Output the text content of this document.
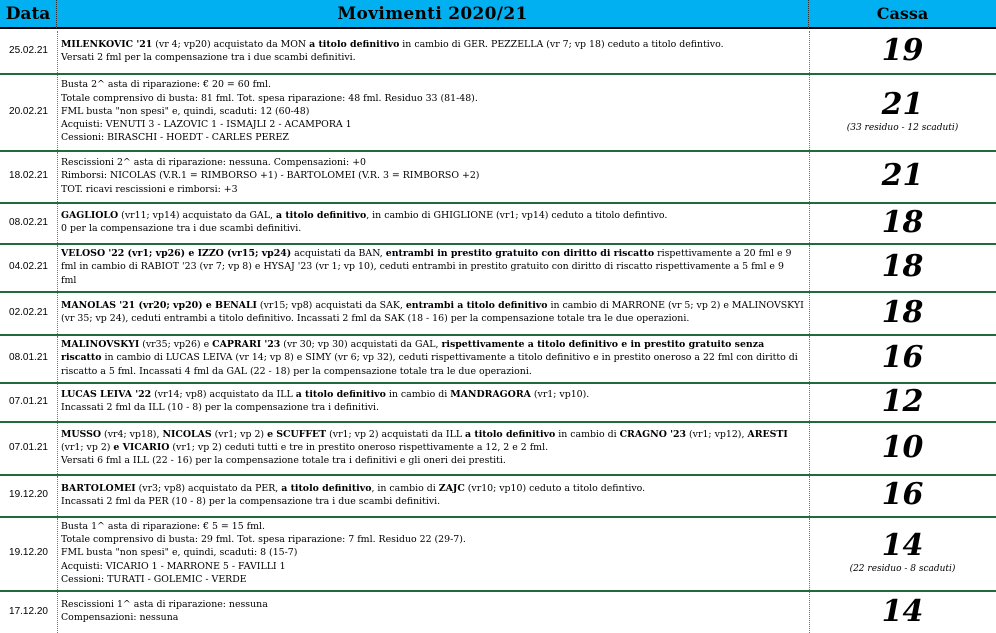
Data	Movimenti 2020/21	Cassa
25.02.21
MILENKOVIC '21 (vr 4; vp20) acquistato da MON a titolo definitivo in cambio di GER. PEZZELLA (vr 7; vp 18) ceduto a titolo defintivo.
Versati 2 fml per la compensazione tra i due scambi definitivi.	19
20.02.21
Busta 2^ asta di riparazione: € 20 = 60 fml.
Totale comprensivo di busta: 81 fml. Tot. spesa riparazione: 48 fml. Residuo 33 (81-48).
FML busta "non spesi" e, quindi, scaduti: 12 (60-48)
Acquisti: VENUTI 3 - LAZOVIC 1 - ISMAJLI 2 - ACAMPORA 1
Cessioni: BIRASCHI - HOEDT - CARLES PEREZ
21
(33 residuo - 12 scaduti)
18.02.21
Rescissioni 2^ asta di riparazione: nessuna. Compensazioni: +0
Rimborsi: NICOLAS (V.R.1 = RIMBORSO +1) - BARTOLOMEI (V.R. 3 = RIMBORSO +2)
TOT. ricavi rescissioni e rimborsi: +3	21
08.02.21
GAGLIOLO (vr11; vp14) acquistato da GAL, a titolo definitivo, in cambio di GHIGLIONE (vr1; vp14) ceduto a titolo defintivo.
0 per la compensazione tra i due scambi definitivi.	18
04.02.21
VELOSO '22 (vr1; vp26) e IZZO (vr15; vp24) acquistati da BAN, entrambi in prestito gratuito con diritto di riscatto rispettivamente a 20 fml e 9
fml in cambio di RABIOT '23 (vr 7; vp 8) e HYSAJ '23 (vr 1; vp 10), ceduti entrambi in prestito gratuito con diritto di riscatto rispettivamente a 5 fml e 9
fml	18
02.02.21
MANOLAS '21 (vr20; vp20) e BENALI (vr15; vp8) acquistati da SAK, entrambi a titolo definitivo in cambio di MARRONE (vr 5; vp 2) e MALINOVSKYI
(vr 35; vp 24), ceduti entrambi a titolo definitivo. Incassati 2 fml da SAK (18 - 16) per la compensazione totale tra le due operazioni.	18
08.01.21
MALINOVSKYI (vr35; vp26) e CAPRARI '23 (vr 30; vp 30) acquistati da GAL, rispettivamente a titolo definitivo e in prestito gratuito senza
riscatto in cambio di LUCAS LEIVA (vr 14; vp 8) e SIMY (vr 6; vp 32), ceduti rispettivamente a titolo definitivo e in prestito oneroso a 22 fml con diritto di
riscatto a 5 fml. Incassati 4 fml da GAL (22 - 18) per la compensazione totale tra le due operazioni.	16
07.01.21
LUCAS LEIVA '22 (vr14; vp8) acquistato da ILL a titolo definitivo in cambio di MANDRAGORA (vr1; vp10).
Incassati 2 fml da ILL (10 - 8) per la compensazione tra i definitivi.	12
07.01.21
MUSSO (vr4; vp18), NICOLAS (vr1; vp 2) e SCUFFET (vr1; vp 2) acquistati da ILL a titolo definitivo in cambio di CRAGNO '23 (vr1; vp12), ARESTI
(vr1; vp 2) e VICARIO (vr1; vp 2) ceduti tutti e tre in prestito oneroso rispettivamente a 12, 2 e 2 fml.
Versati 6 fml a ILL (22 - 16) per la compensazione totale tra i definitivi e gli oneri dei prestiti.	10
19.12.20
BARTOLOMEI (vr3; vp8) acquistato da PER, a titolo definitivo, in cambio di ZAJC (vr10; vp10) ceduto a titolo defintivo.
Incassati 2 fml da PER (10 - 8) per la compensazione tra i due scambi definitivi.	16
19.12.20
Busta 1^ asta di riparazione: € 5 = 15 fml.
Totale comprensivo di busta: 29 fml. Tot. spesa riparazione: 7 fml. Residuo 22 (29-7).
FML busta "non spesi" e, quindi, scaduti: 8 (15-7)
Acquisti: VICARIO 1 - MARRONE 5 - FAVILLI 1
Cessioni: TURATI - GOLEMIC - VERDE
14
(22 residuo - 8 scaduti)
17.12.20
Rescissioni 1^ asta di riparazione: nessuna
Compensazioni: nessuna	14
